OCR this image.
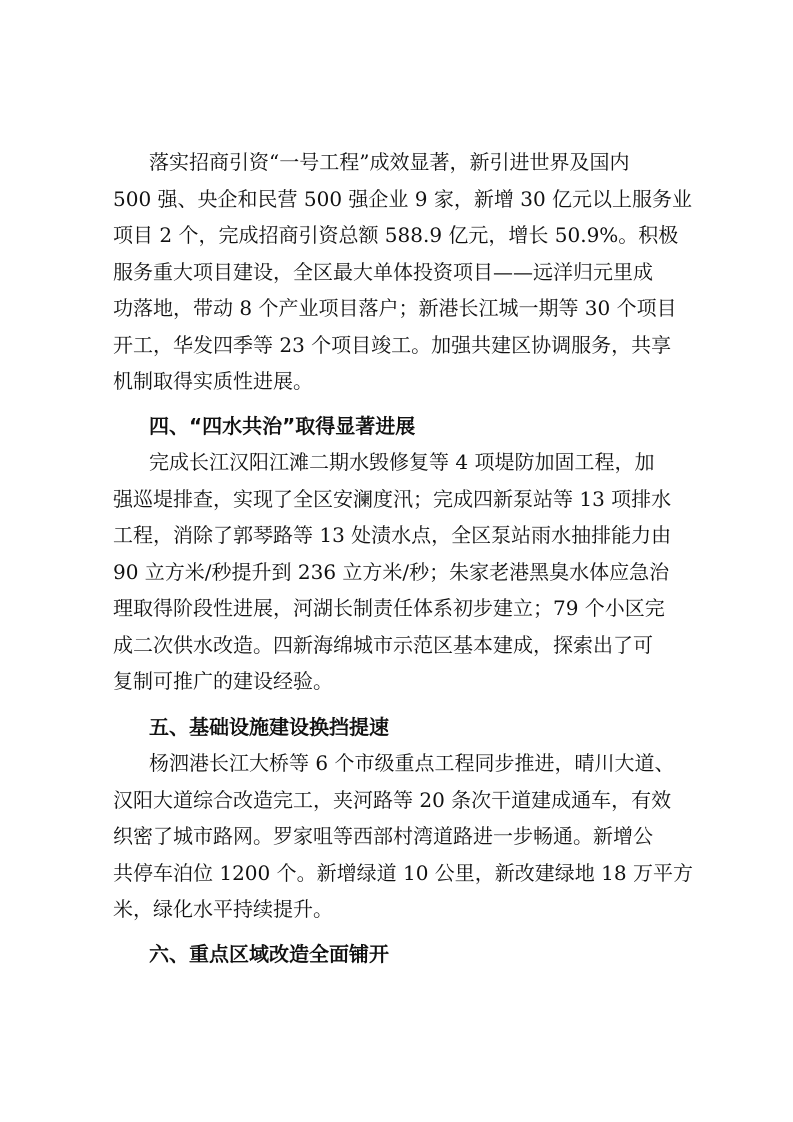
落实招商引资“一号工程”成效显著，新引进世界及国内
500 强、央企和民营 500 强企业 9 家，新增 30 亿元以上服务业
项目 2 个，完成招商引资总额 588.9 亿元，增长 50.9%。积极
服务重大项目建设，全区最大单体投资项目——远洋归元里成
功落地，带动 8 个产业项目落户；新港长江城一期等 30 个项目
开工，华发四季等 23 个项目竣工。加强共建区协调服务，共享
机制取得实质性进展。
四、“四水共治”取得显著进展
完成长江汉阳江滩二期水毁修复等 4 项堤防加固工程，加
强巡堤排查，实现了全区安澜度汛；完成四新泵站等 13 项排水
工程，消除了郭琴路等 13 处渍水点，全区泵站雨水抽排能力由
90 立方米/秒提升到 236 立方米/秒；朱家老港黑臭水体应急治
理取得阶段性进展，河湖长制责任体系初步建立；79 个小区完
成二次供水改造。四新海绵城市示范区基本建成，探索出了可
复制可推广的建设经验。
五、基础设施建设换挡提速
杨泗港长江大桥等 6 个市级重点工程同步推进，晴川大道、
汉阳大道综合改造完工，夹河路等 20 条次干道建成通车，有效
织密了城市路网。罗家咀等西部村湾道路进一步畅通。新增公
共停车泊位 1200 个。新增绿道 10 公里，新改建绿地 18 万平方
米，绿化水平持续提升。
六、重点区域改造全面铺开
